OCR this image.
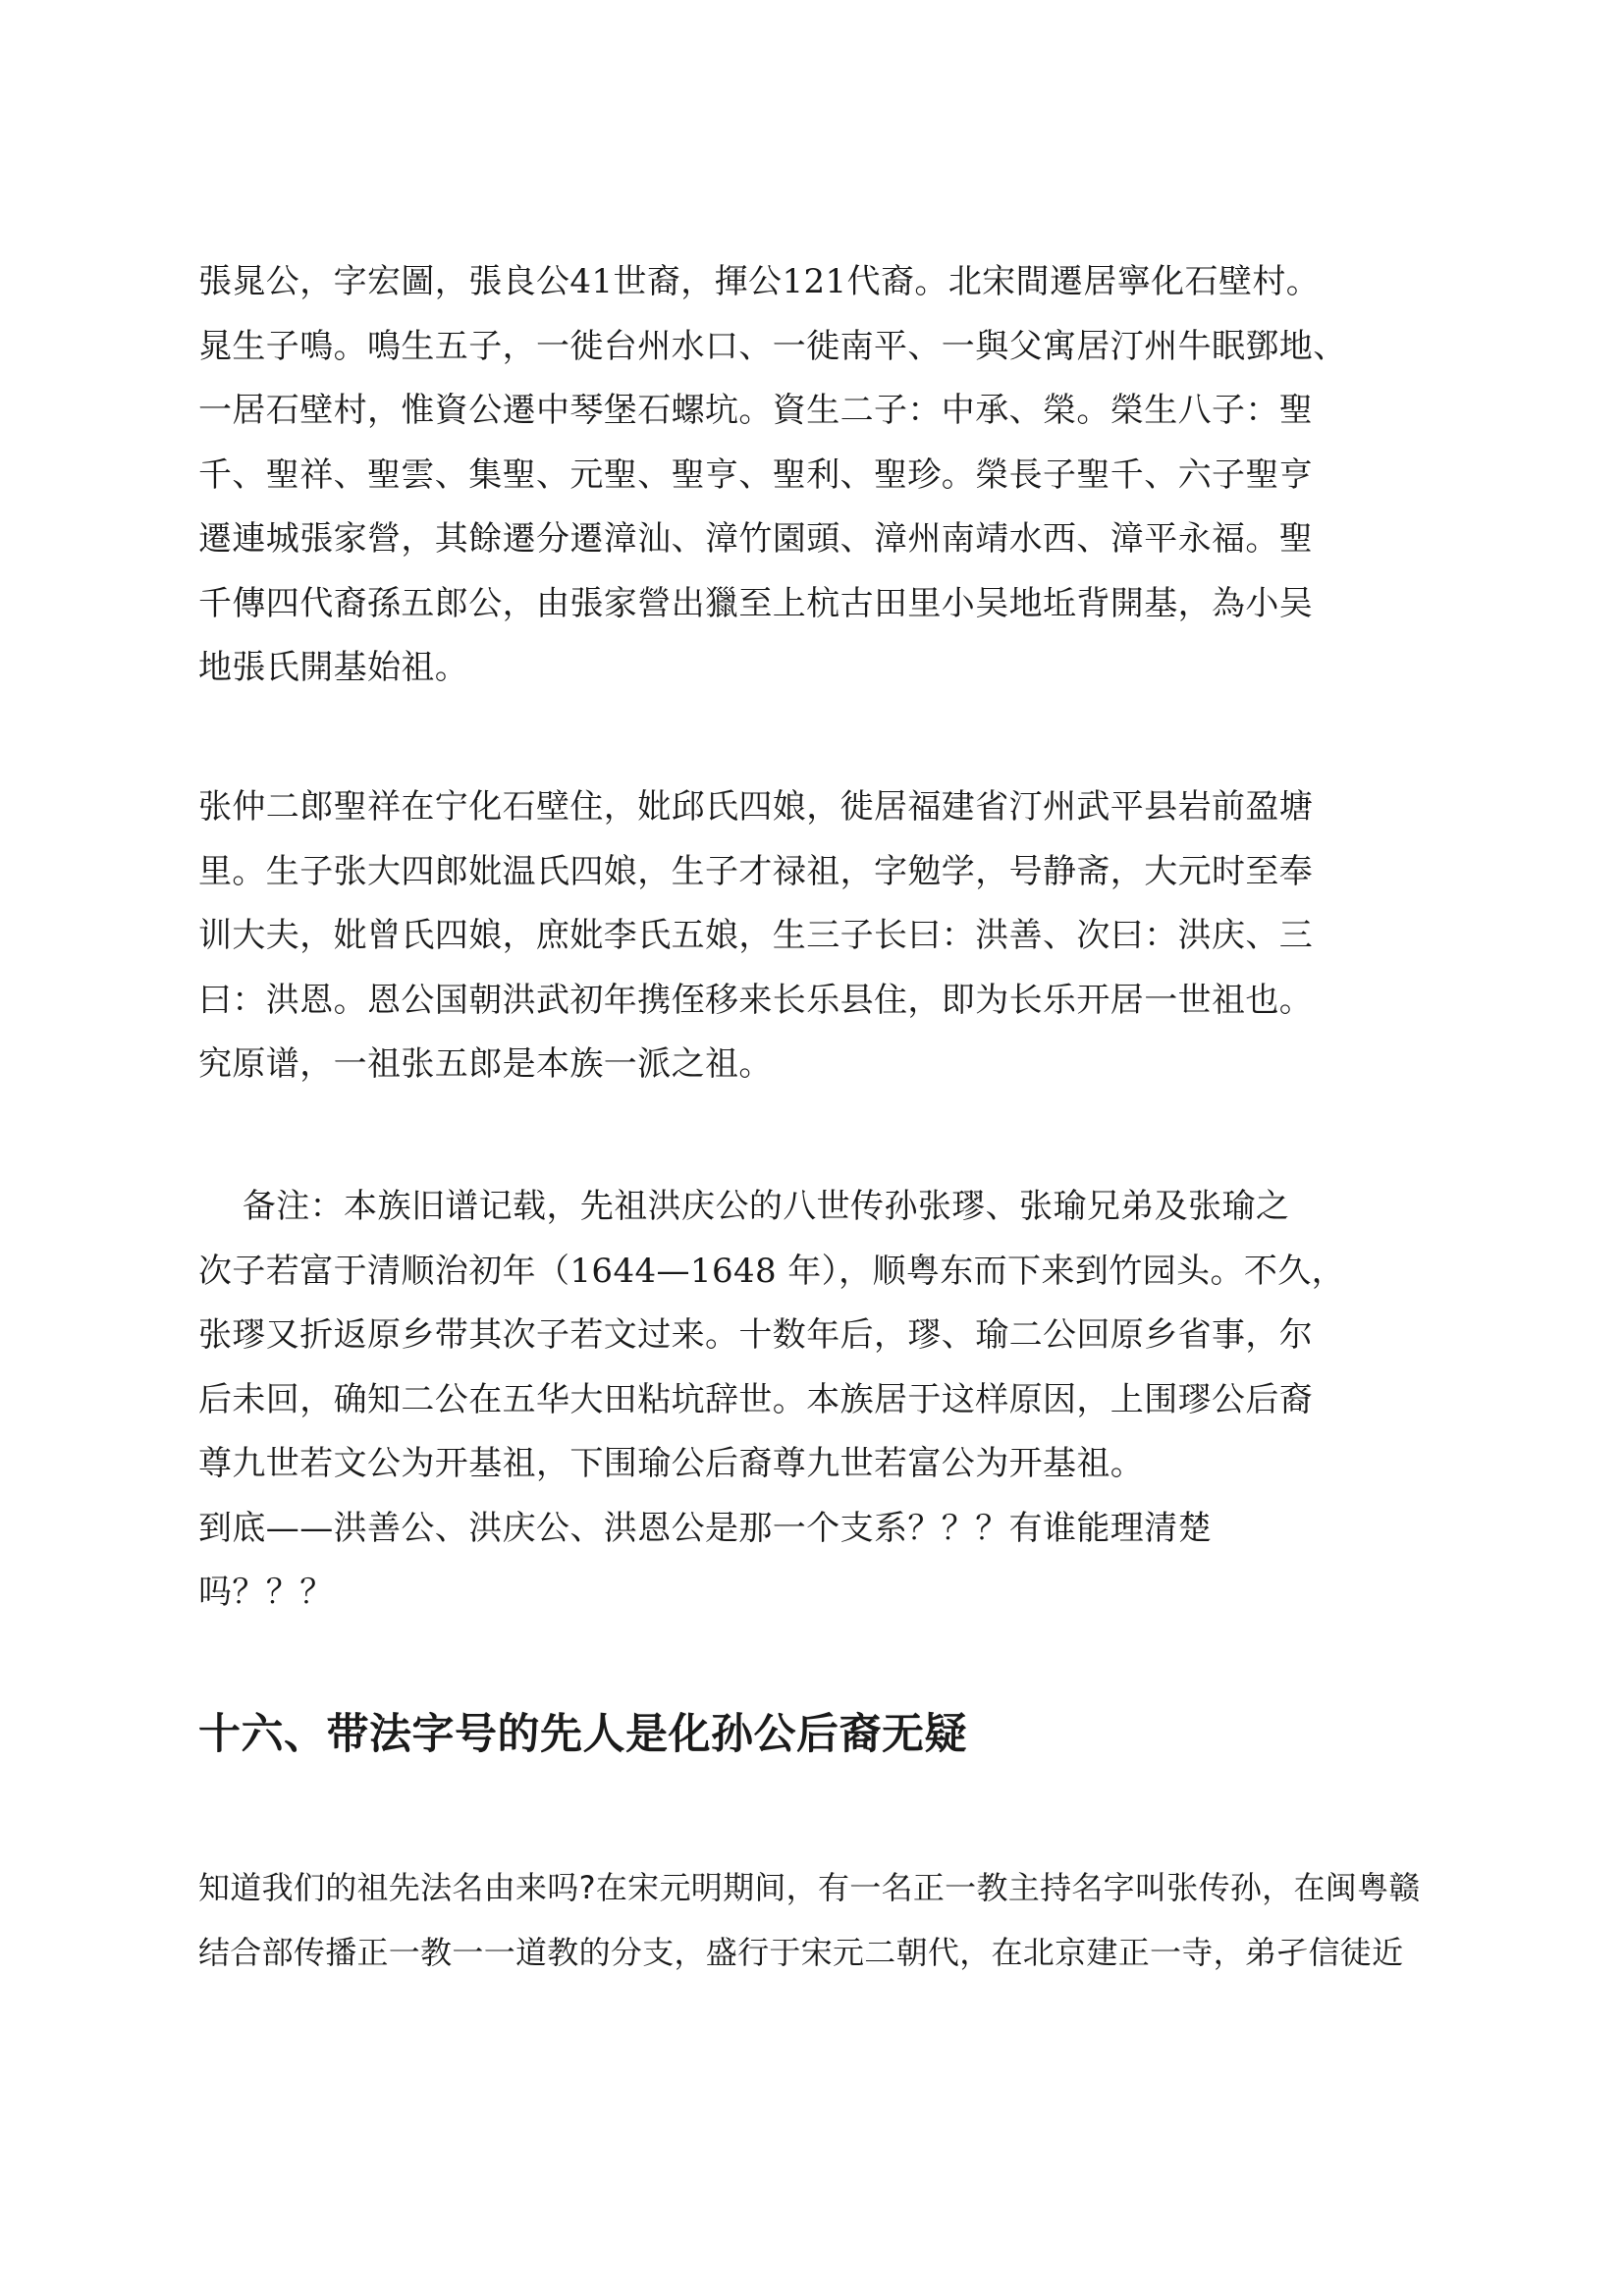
張晁公，字宏圖，張良公41世裔，揮公121代裔。北宋間遷居寧化石壁村。
晁生子鳴。鳴生五子，一徙台州水口、一徙南平、一與父寓居汀州牛眠鄧地、
一居石壁村，惟資公遷中琴堡石螺坑。資生二子：中承、榮。榮生八子：聖
千、聖祥、聖雲、集聖、元聖、聖亨、聖利、聖珍。榮長子聖千、六子聖亨
遷連城張家營，其餘遷分遷漳汕、漳竹園頭、漳州南靖水西、漳平永福。聖
千傳四代裔孫五郎公，由張家營出獵至上杭古田里小吴地坵背開基，為小吴
地張氏開基始祖。

张仲二郎聖祥在宁化石壁住，妣邱氏四娘，徙居福建省汀州武平县岩前盈塘
里。生子张大四郎妣温氏四娘，生子才禄祖，字勉学，号静斋，大元时至奉
训大夫，妣曾氏四娘，庶妣李氏五娘，生三子长曰：洪善、次曰：洪庆、三
曰：洪恩。恩公国朝洪武初年携侄移来长乐县住，即为长乐开居一世祖也。
究原谱，一祖张五郎是本族一派之祖。

备注：本族旧谱记载，先祖洪庆公的八世传孙张璆、张瑜兄弟及张瑜之
次子若富于清顺治初年（1644—1648 年），顺粤东而下来到竹园头。不久，
张璆又折返原乡带其次子若文过来。十数年后，璆、瑜二公回原乡省事，尔
后未回，确知二公在五华大田粘坑辞世。本族居于这样原因，上围璆公后裔
尊九世若文公为开基祖，下围瑜公后裔尊九世若富公为开基祖。
到底——洪善公、洪庆公、洪恩公是那一个支系？？？有谁能理清楚
吗？？？

十六、带法字号的先人是化孙公后裔无疑

知道我们的祖先法名由来吗?在宋元明期间，有一名正一教主持名字叫张传孙，在闽粤赣
结合部传播正一教一一道教的分支，盛行于宋元二朝代，在北京建正一寺，弟孑信徒近
